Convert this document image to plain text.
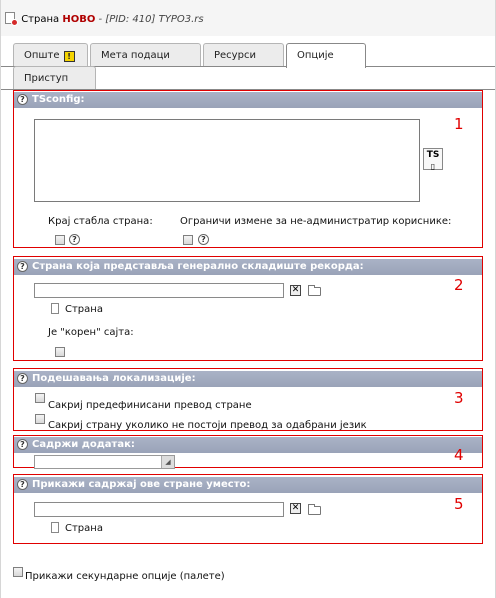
Страна НОВО - [PID: 410] TYPO3.rs
Опште !	Мета подаци	Ресурси	Опције
Приступ
? TSconfig:
1
TS
▯
Крај стабла страна:
?
Ограничи измене за не-администратир кориснике:
?
? Страна која представља генерално складиште рекорда:
2
✕
Страна
Је "корен" сајта:
? Подешавања локализације:
3
Сакриј предефинисани превод стране
Сакриј страну уколико не постоји превод за одабрани језик
? Садржи додатак:
4
◢
? Прикажи садржај ове стране уместо:
5
✕
Страна
Прикажи секундарне опције (палете)
